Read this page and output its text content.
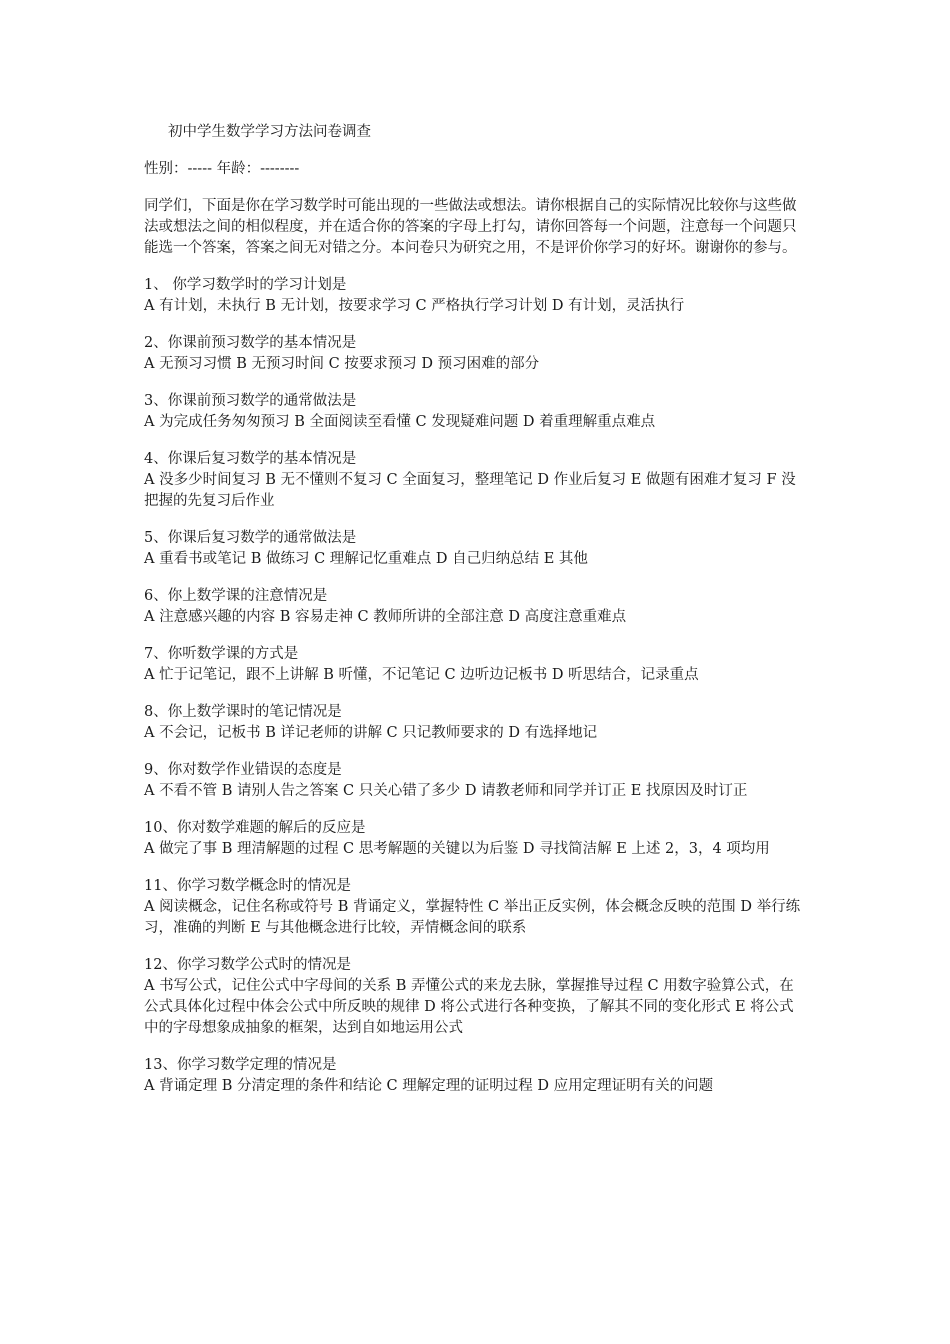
初中学生数学学习方法问卷调查
性别：----- 年龄：--------
同学们，下面是你在学习数学时可能出现的一些做法或想法。请你根据自己的实际情况比较你与这些做法或想法之间的相似程度，并在适合你的答案的字母上打勾，请你回答每一个问题，注意每一个问题只能选一个答案，答案之间无对错之分。本问卷只为研究之用，不是评价你学习的好坏。谢谢你的参与。
1、 你学习数学时的学习计划是
A 有计划，未执行 B 无计划，按要求学习 C 严格执行学习计划 D 有计划，灵活执行
2、你课前预习数学的基本情况是
A 无预习习惯 B 无预习时间 C 按要求预习 D 预习困难的部分
3、你课前预习数学的通常做法是
A 为完成任务匆匆预习 B 全面阅读至看懂 C 发现疑难问题 D 着重理解重点难点
4、你课后复习数学的基本情况是
A 没多少时间复习 B 无不懂则不复习 C 全面复习，整理笔记 D 作业后复习 E 做题有困难才复习 F 没把握的先复习后作业
5、你课后复习数学的通常做法是
A 重看书或笔记 B 做练习 C 理解记忆重难点 D 自己归纳总结 E 其他
6、你上数学课的注意情况是
A 注意感兴趣的内容 B 容易走神 C 教师所讲的全部注意 D 高度注意重难点
7、你听数学课的方式是
A 忙于记笔记，跟不上讲解 B 听懂，不记笔记 C 边听边记板书 D 听思结合，记录重点
8、你上数学课时的笔记情况是
A 不会记，记板书 B 详记老师的讲解 C 只记教师要求的 D 有选择地记
9、你对数学作业错误的态度是
A 不看不管 B 请别人告之答案 C 只关心错了多少 D 请教老师和同学并订正 E 找原因及时订正
10、你对数学难题的解后的反应是
A 做完了事 B 理清解题的过程 C 思考解题的关键以为后鉴 D 寻找简洁解 E 上述 2，3，4 项均用
11、你学习数学概念时的情况是
A 阅读概念，记住名称或符号 B 背诵定义，掌握特性 C 举出正反实例，体会概念反映的范围 D 举行练习，准确的判断 E 与其他概念进行比较，弄情概念间的联系
12、你学习数学公式时的情况是
A 书写公式，记住公式中字母间的关系 B 弄懂公式的来龙去脉，掌握推导过程 C 用数字验算公式，在公式具体化过程中体会公式中所反映的规律 D 将公式进行各种变换，了解其不同的变化形式 E 将公式中的字母想象成抽象的框架，达到自如地运用公式
13、你学习数学定理的情况是
A 背诵定理 B 分清定理的条件和结论 C 理解定理的证明过程 D 应用定理证明有关的问题
